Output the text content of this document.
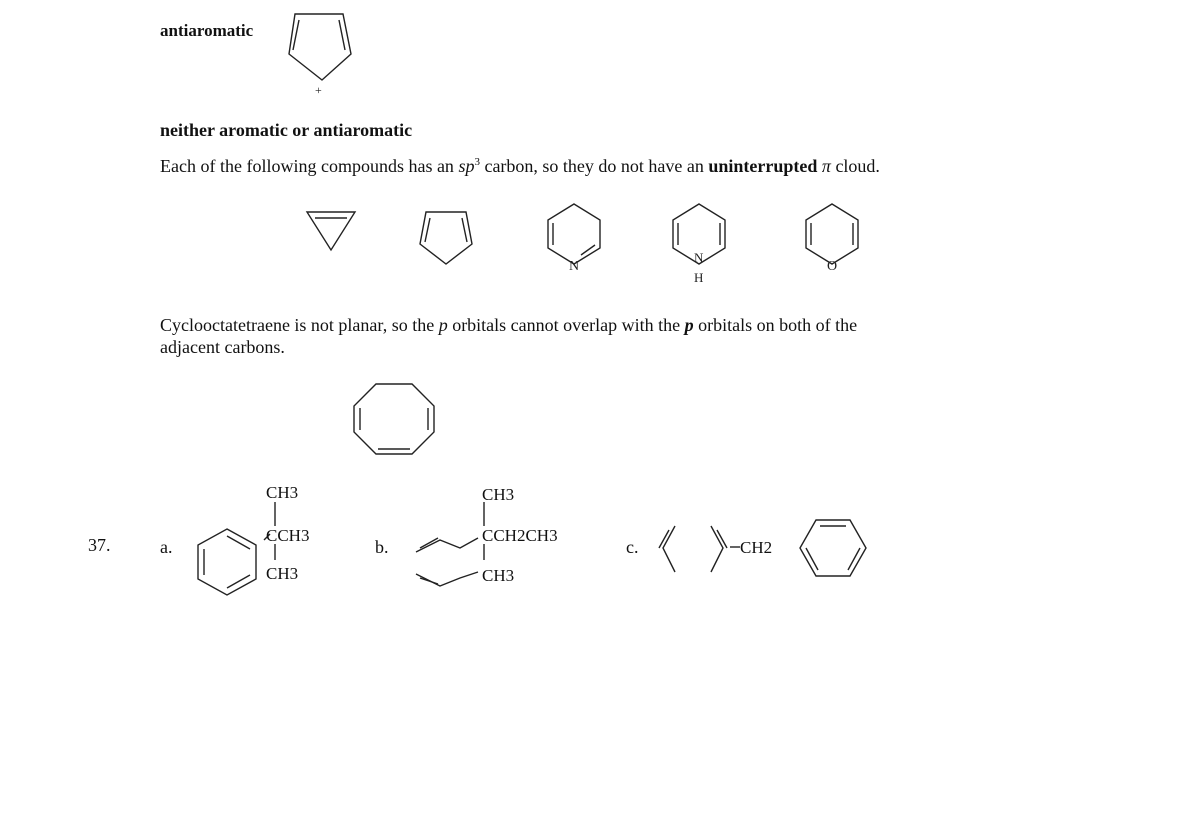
antiaromatic
+
neither aromatic or antiaromatic
Each of the following compounds has an $sp^3$ carbon, so they do not have an uninterrupted π cloud.
N
N
H
O
Cyclooctatetraene is not planar, so the p orbitals cannot overlap with the p orbitals on both of the
adjacent carbons.
37.	a.
CH3
CCH3
CH3
b.
CH3
CCH2CH3
CH3
c.	CH2
